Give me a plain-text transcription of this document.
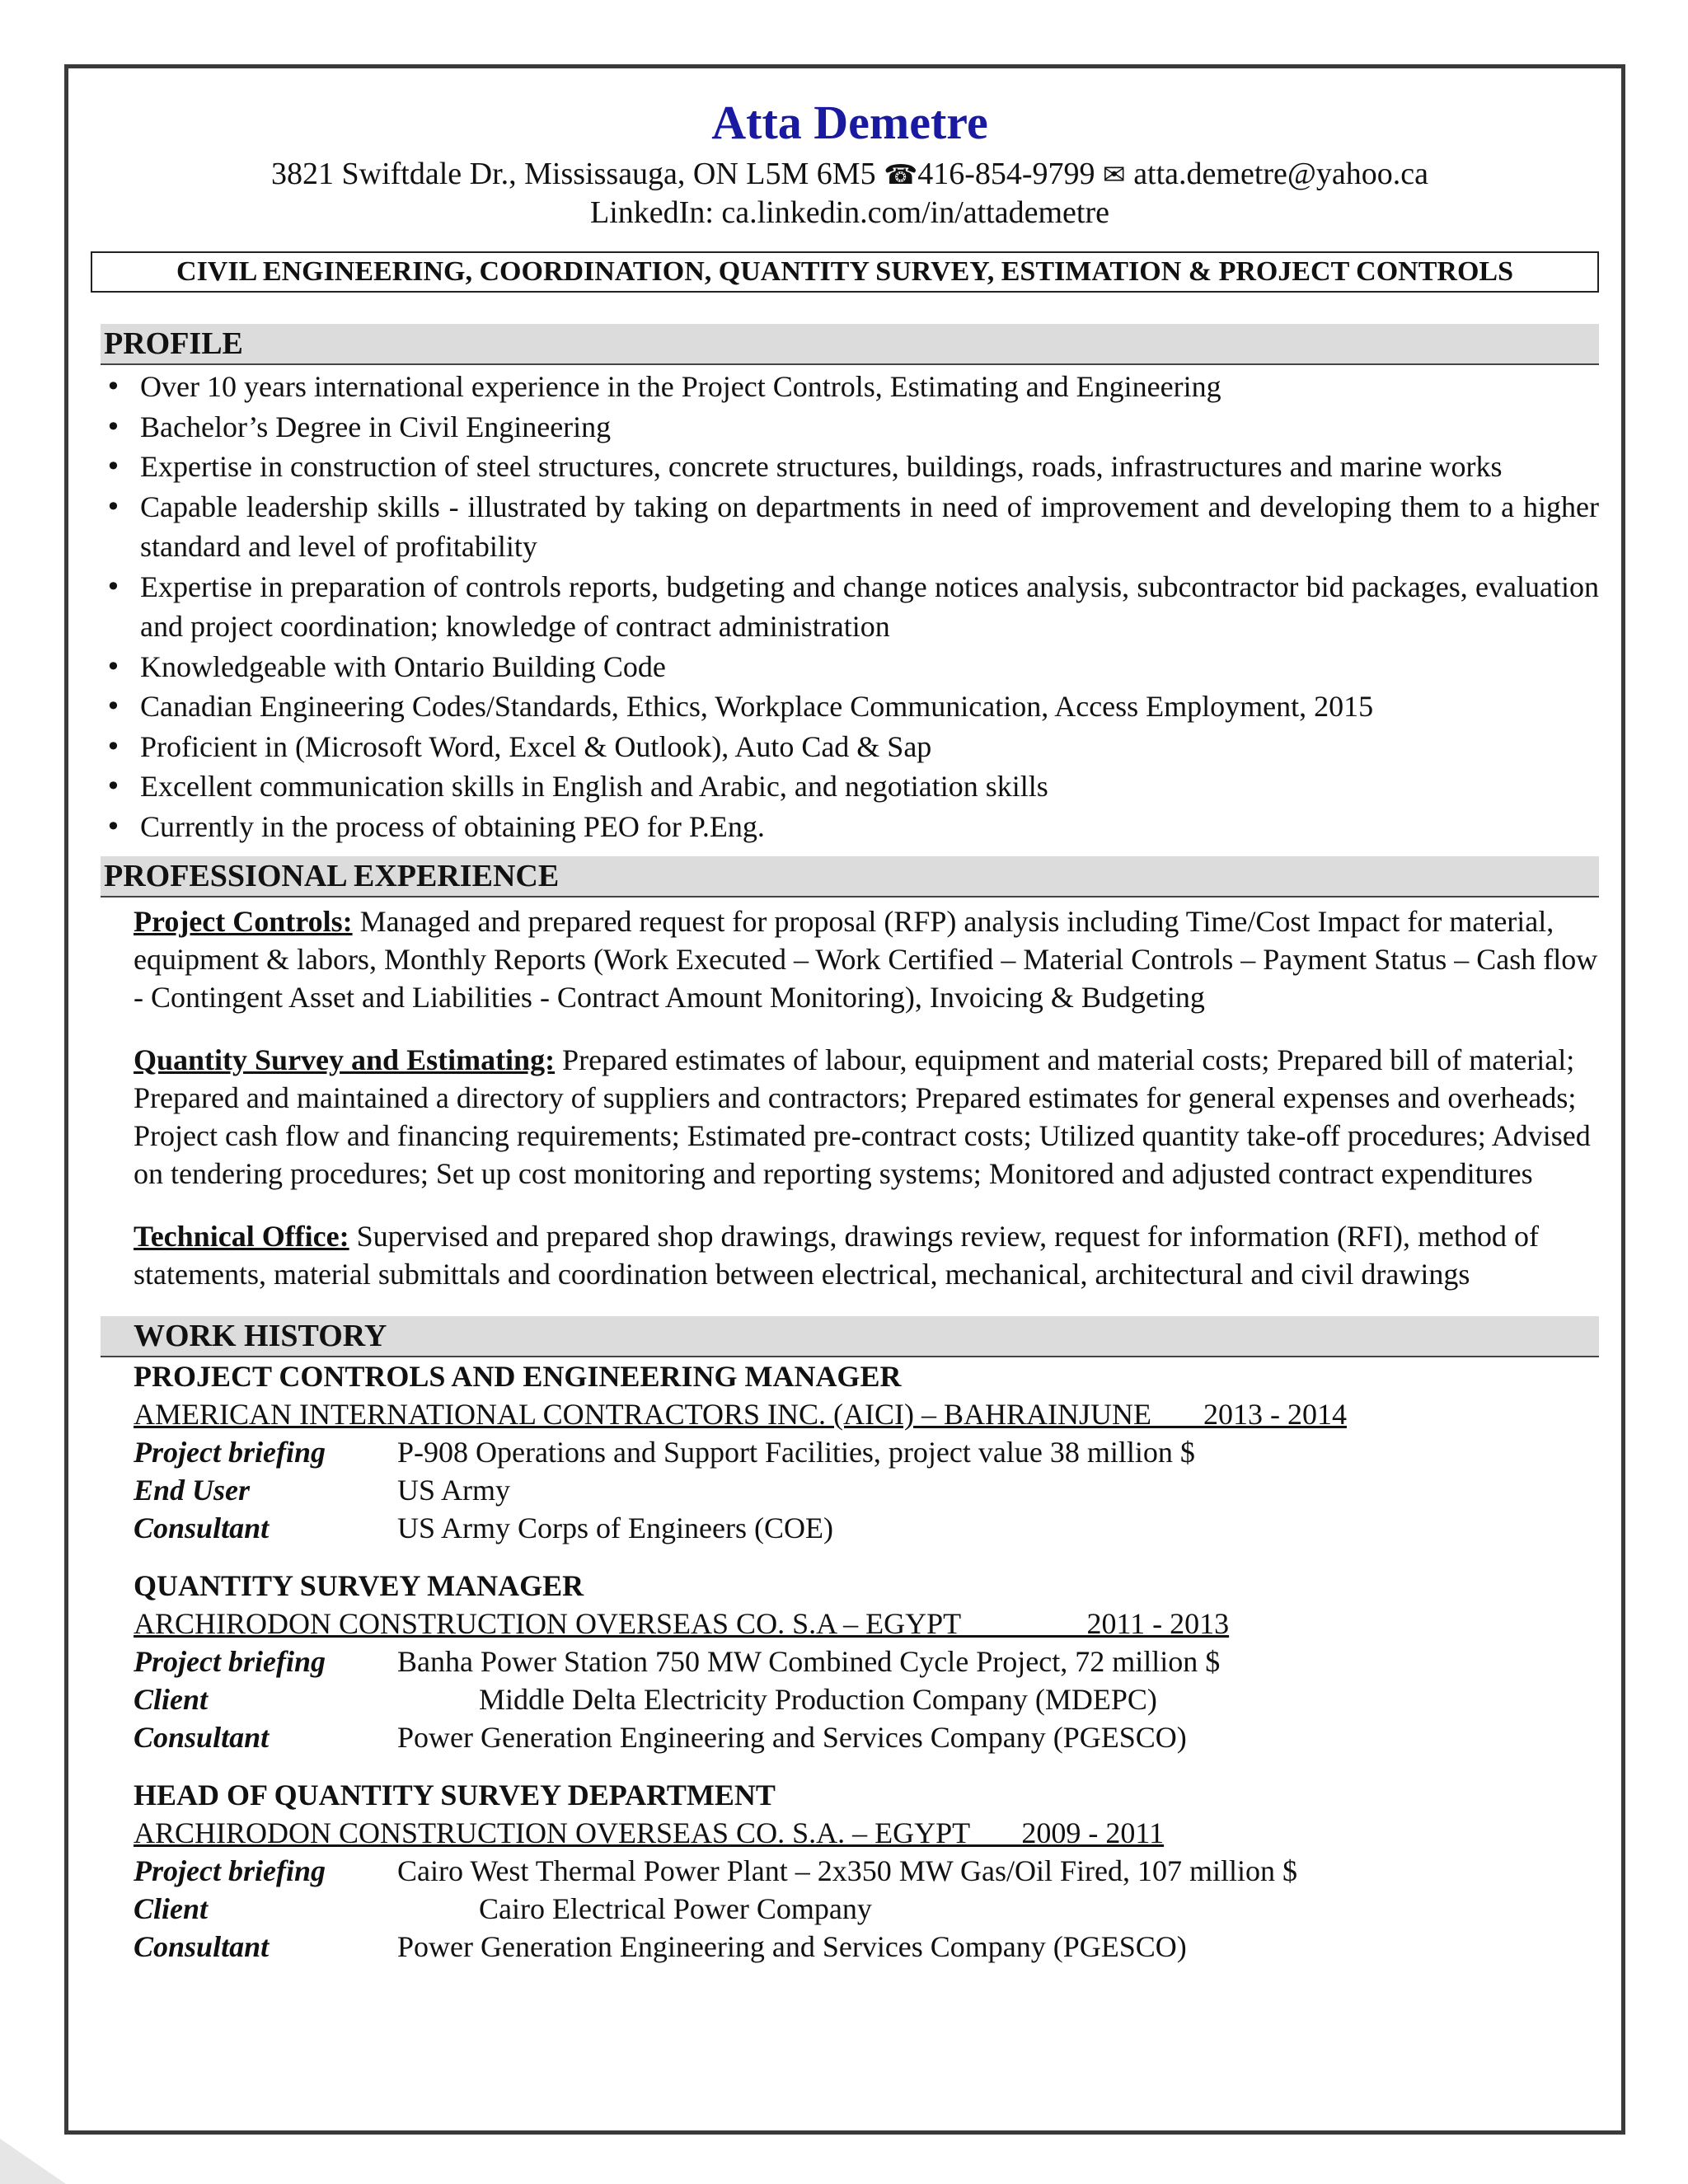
Atta Demetre
3821 Swiftdale Dr., Mississauga, ON L5M 6M5 ☎416-854-9799 ✉ atta.demetre@yahoo.ca
LinkedIn: ca.linkedin.com/in/attademetre
CIVIL ENGINEERING, COORDINATION, QUANTITY SURVEY, ESTIMATION & PROJECT CONTROLS
PROFILE
• Over 10 years international experience in the Project Controls, Estimating and Engineering
• Bachelor’s Degree in Civil Engineering
• Expertise in construction of steel structures, concrete structures, buildings, roads, infrastructures and marine works
• Capable leadership skills - illustrated by taking on departments in need of improvement and developing them to a higher standard and level of profitability
• Expertise in preparation of controls reports, budgeting and change notices analysis, subcontractor bid packages, evaluation and project coordination; knowledge of contract administration
• Knowledgeable with Ontario Building Code
• Canadian Engineering Codes/Standards, Ethics, Workplace Communication, Access Employment, 2015
• Proficient in (Microsoft Word, Excel & Outlook), Auto Cad & Sap
• Excellent communication skills in English and Arabic, and negotiation skills
• Currently in the process of obtaining PEO for P.Eng.
PROFESSIONAL EXPERIENCE
Project Controls: Managed and prepared request for proposal (RFP) analysis including Time/Cost Impact for material, equipment & labors, Monthly Reports (Work Executed – Work Certified – Material Controls – Payment Status – Cash flow - Contingent Asset and Liabilities - Contract Amount Monitoring), Invoicing & Budgeting
Quantity Survey and Estimating: Prepared estimates of labour, equipment and material costs; Prepared bill of material; Prepared and maintained a directory of suppliers and contractors; Prepared estimates for general expenses and overheads; Project cash flow and financing requirements; Estimated pre-contract costs; Utilized quantity take-off procedures; Advised on tendering procedures; Set up cost monitoring and reporting systems; Monitored and adjusted contract expenditures
Technical Office: Supervised and prepared shop drawings, drawings review, request for information (RFI), method of statements, material submittals and coordination between electrical, mechanical, architectural and civil drawings
WORK HISTORY
PROJECT CONTROLS AND ENGINEERING MANAGER
AMERICAN INTERNATIONAL CONTRACTORS INC. (AICI) – BAHRAINJUNE       2013 - 2014
Project briefing	P-908 Operations and Support Facilities, project value 38 million $
End User	US Army
Consultant	US Army Corps of Engineers (COE)
QUANTITY SURVEY MANAGER
ARCHIRODON CONSTRUCTION OVERSEAS CO. S.A – EGYPT                 2011 - 2013
Project briefing	Banha Power Station 750 MW Combined Cycle Project, 72 million $
Client	Middle Delta Electricity Production Company (MDEPC)
Consultant	Power Generation Engineering and Services Company (PGESCO)
HEAD OF QUANTITY SURVEY DEPARTMENT
ARCHIRODON CONSTRUCTION OVERSEAS CO. S.A. – EGYPT       2009 - 2011
Project briefing	Cairo West Thermal Power Plant – 2x350 MW Gas/Oil Fired, 107 million $
Client	Cairo Electrical Power Company
Consultant	Power Generation Engineering and Services Company (PGESCO)
